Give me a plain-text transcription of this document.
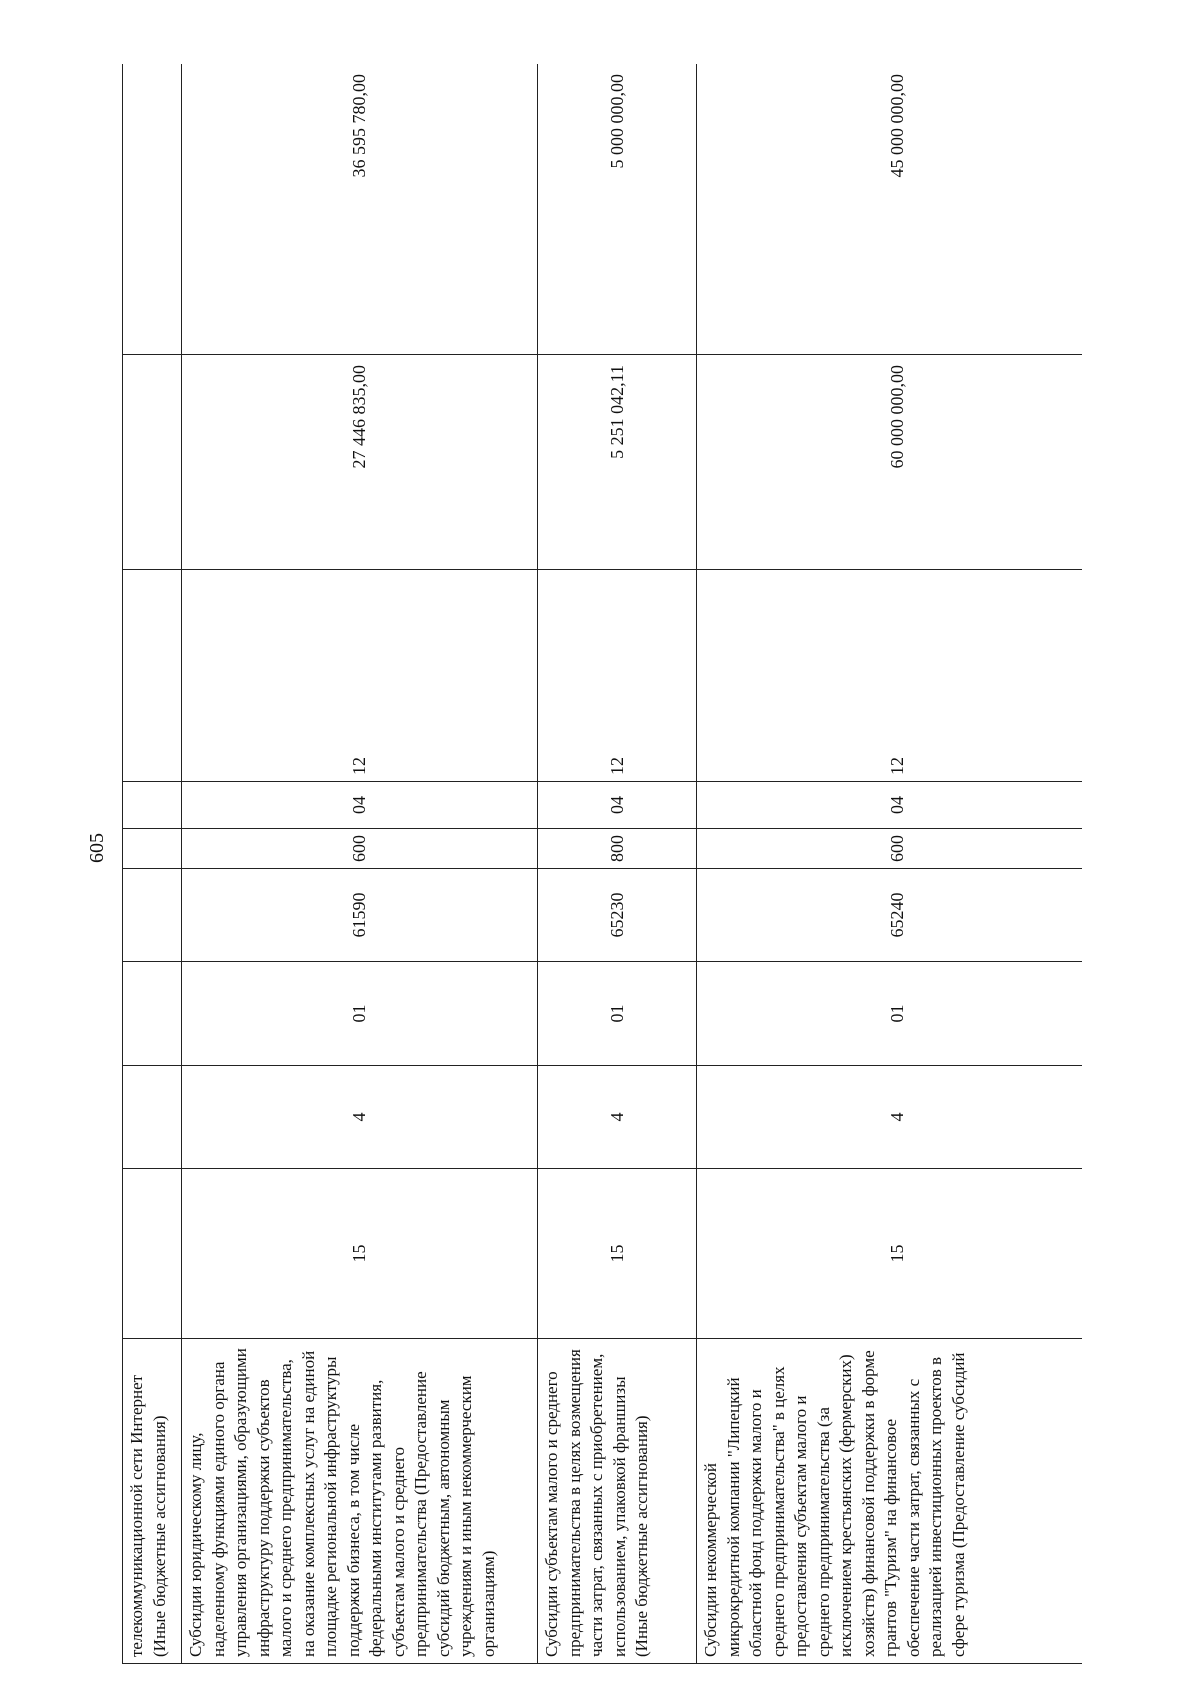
605
телекоммуникационной сети Интернет (Иные бюджетные ассигнования)									
Субсидии юридическому лицу, наделенному функциями единого органа управления организациями, образующими инфраструктуру поддержки субъектов малого и среднего предпринимательства, на оказание комплексных услуг на единой площадке региональной инфраструктуры поддержки бизнеса, в том числе федеральными институтами развития, субъектам малого и среднего предпринимательства (Предоставление субсидий бюджетным, автономным учреждениям и иным некоммерческим организациям)	15	4	01	61590	600	04	12	27 446 835,00	36 595 780,00
Субсидии субъектам малого и среднего предпринимательства в целях возмещения части затрат, связанных с приобретением, использованием, упаковкой франшизы (Иные бюджетные ассигнования)	15	4	01	65230	800	04	12	5 251 042,11	5 000 000,00
Субсидии некоммерческой микрокредитной компании "Липецкий областной фонд поддержки малого и среднего предпринимательства" в целях предоставления субъектам малого и среднего предпринимательства (за исключением крестьянских (фермерских) хозяйств) финансовой поддержки в форме грантов "Туризм" на финансовое обеспечение части затрат, связанных с реализацией инвестиционных проектов в сфере туризма (Предоставление субсидий	15	4	01	65240	600	04	12	60 000 000,00	45 000 000,00
